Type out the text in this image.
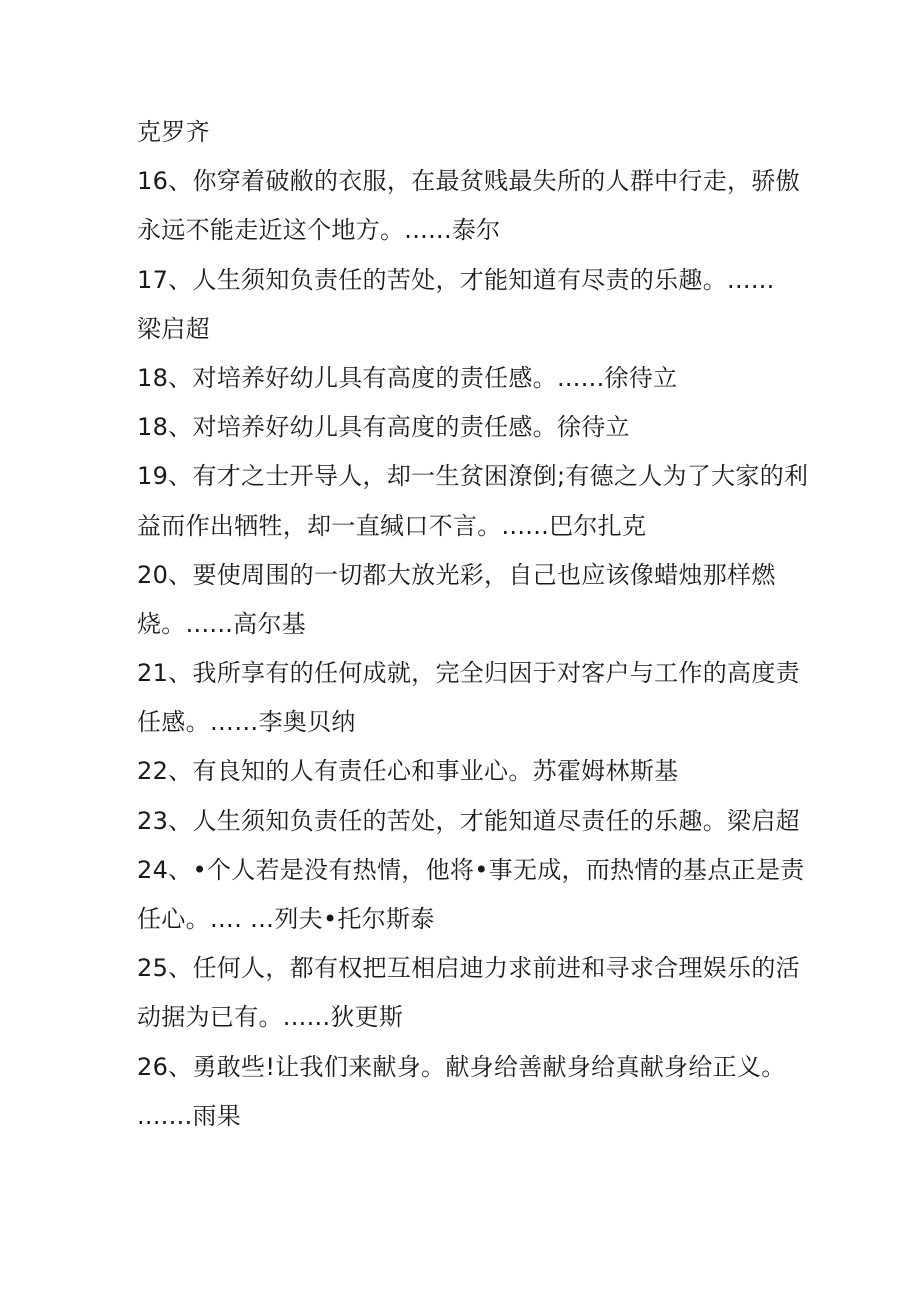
克罗齐
16、你穿着破敝的衣服，在最贫贱最失所的人群中行走，骄傲
永远不能走近这个地方。......泰尔
17、人生须知负责任的苦处，才能知道有尽责的乐趣。......
梁启超
18、对培养好幼儿具有高度的责任感。......徐待立
18、对培养好幼儿具有高度的责任感。徐待立
19、有才之士开导人，却一生贫困潦倒;有德之人为了大家的利
益而作出牺牲，却一直缄口不言。......巴尔扎克
20、要使周围的一切都大放光彩，自己也应该像蜡烛那样燃
烧。......高尔基
21、我所享有的任何成就，完全归因于对客户与工作的高度责
任感。……李奥贝纳
22、有良知的人有责任心和事业心。苏霍姆林斯基
23、人生须知负责任的苦处，才能知道尽责任的乐趣。梁启超
24、•个人若是没有热情，他将•事无成，而热情的基点正是责
任心。…. …列夫•托尔斯泰
25、任何人，都有权把互相启迪力求前进和寻求合理娱乐的活
动据为已有。......狄更斯
26、勇敢些!让我们来献身。献身给善献身给真献身给正义。
.......雨果
